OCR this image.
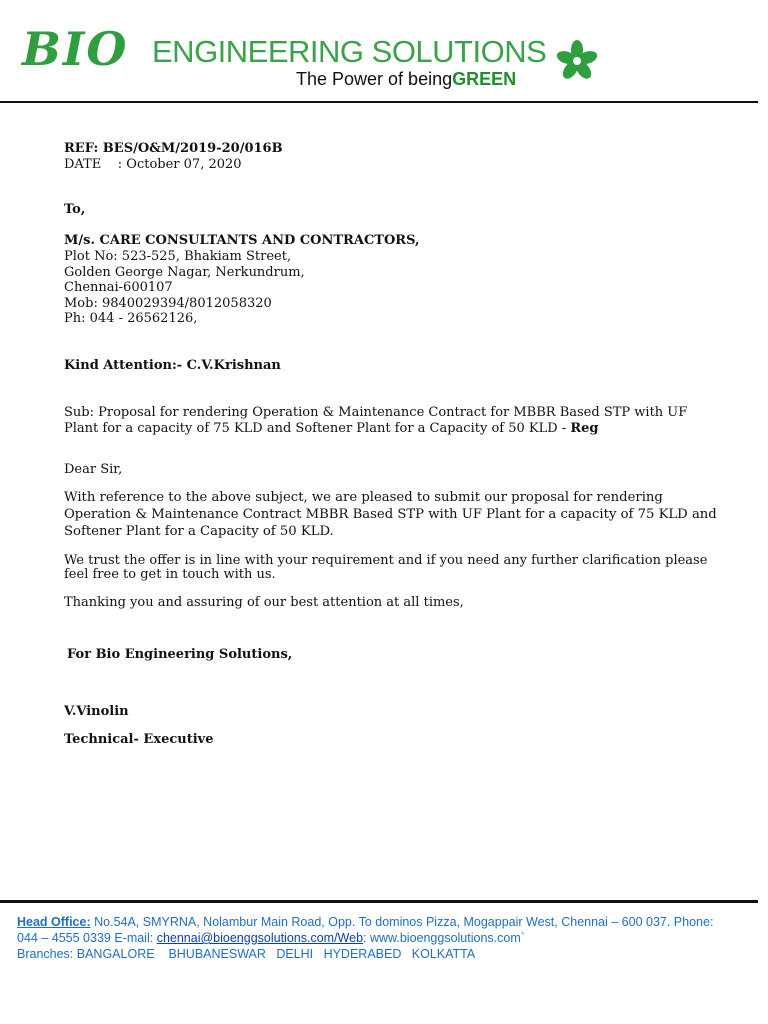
BIO ENGINEERING SOLUTIONS
The Power of beingGREEN
REF: BES/O&M/2019-20/016B
DATE    : October 07, 2020
To,
M/s. CARE CONSULTANTS AND CONTRACTORS,
Plot No: 523-525, Bhakiam Street,
Golden George Nagar, Nerkundrum,
Chennai-600107
Mob: 9840029394/8012058320
Ph: 044 - 26562126,
Kind Attention:- C.V.Krishnan
Sub: Proposal for rendering Operation & Maintenance Contract for MBBR Based STP with UF Plant for a capacity of 75 KLD and Softener Plant for a Capacity of 50 KLD - Reg
Dear Sir,
With reference to the above subject, we are pleased to submit our proposal for rendering Operation & Maintenance Contract MBBR Based STP with UF Plant for a capacity of 75 KLD and Softener Plant for a Capacity of 50 KLD.
We trust the offer is in line with your requirement and if you need any further clarification please feel free to get in touch with us.
Thanking you and assuring of our best attention at all times,
For Bio Engineering Solutions,
V.Vinolin
Technical- Executive
Head Office: No.54A, SMYRNA, Nolambur Main Road, Opp. To dominos Pizza, Mogappair West, Chennai – 600 037. Phone: 044 – 4555 0339 E-mail: chennai@bioenggsolutions.com/Web: www.bioenggsolutions.com`
Branches: BANGALORE    BHUBANESWAR   DELHI   HYDERABED   KOLKATTA
